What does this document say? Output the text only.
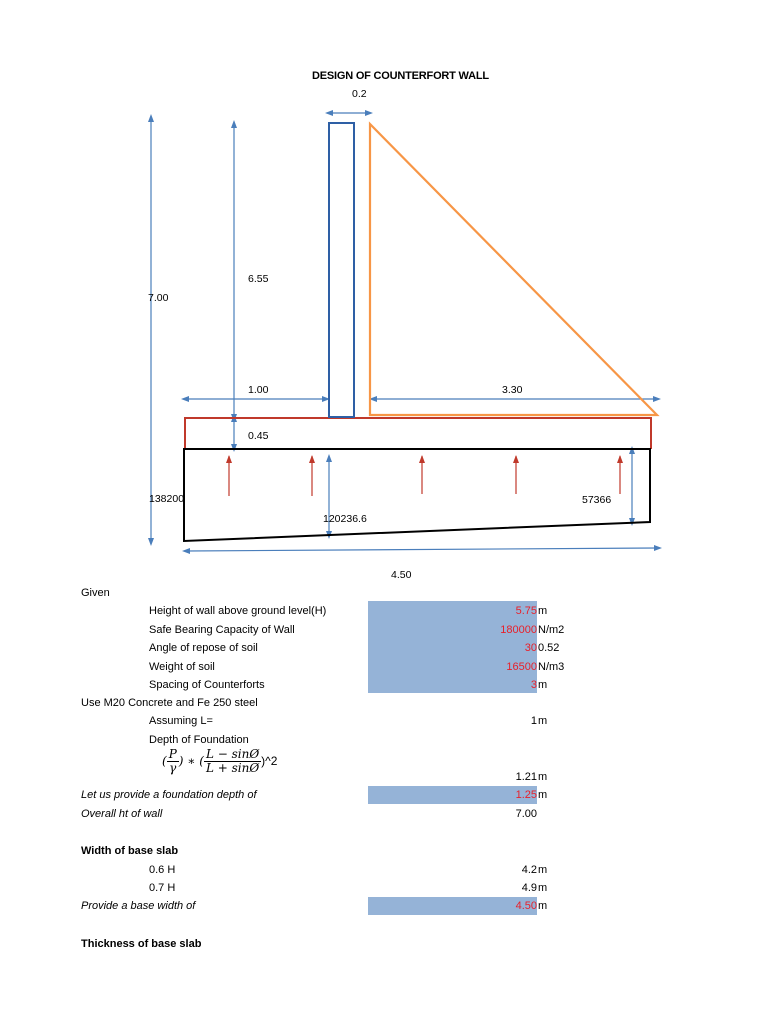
DESIGN OF COUNTERFORT WALL
0.2
7.00
6.55
1.00	3.30
0.45
138200
120236.6
57366
4.50
Given
Height of wall above ground level(H)	5.75 m
Safe Bearing Capacity of Wall	180000 N/m2
Angle of repose of soil	30 0.52
Weight of soil	16500 N/m3
Spacing of Counterforts	3 m
Use M20 Concrete and Fe 250 steel
Assuming L=	1 m
Depth of Foundation
( $\frac{P}{\gamma}$ ) ∗ ( $\frac{L - \sin Ø}{L + \sin Ø}$ )^2
1.21 m
Let us provide a foundation depth of	1.25 m
Overall ht of wall	7.00
Width of base slab
0.6 H	4.2 m
0.7 H	4.9 m
Provide a base width of	4.50 m
Thickness of base slab
